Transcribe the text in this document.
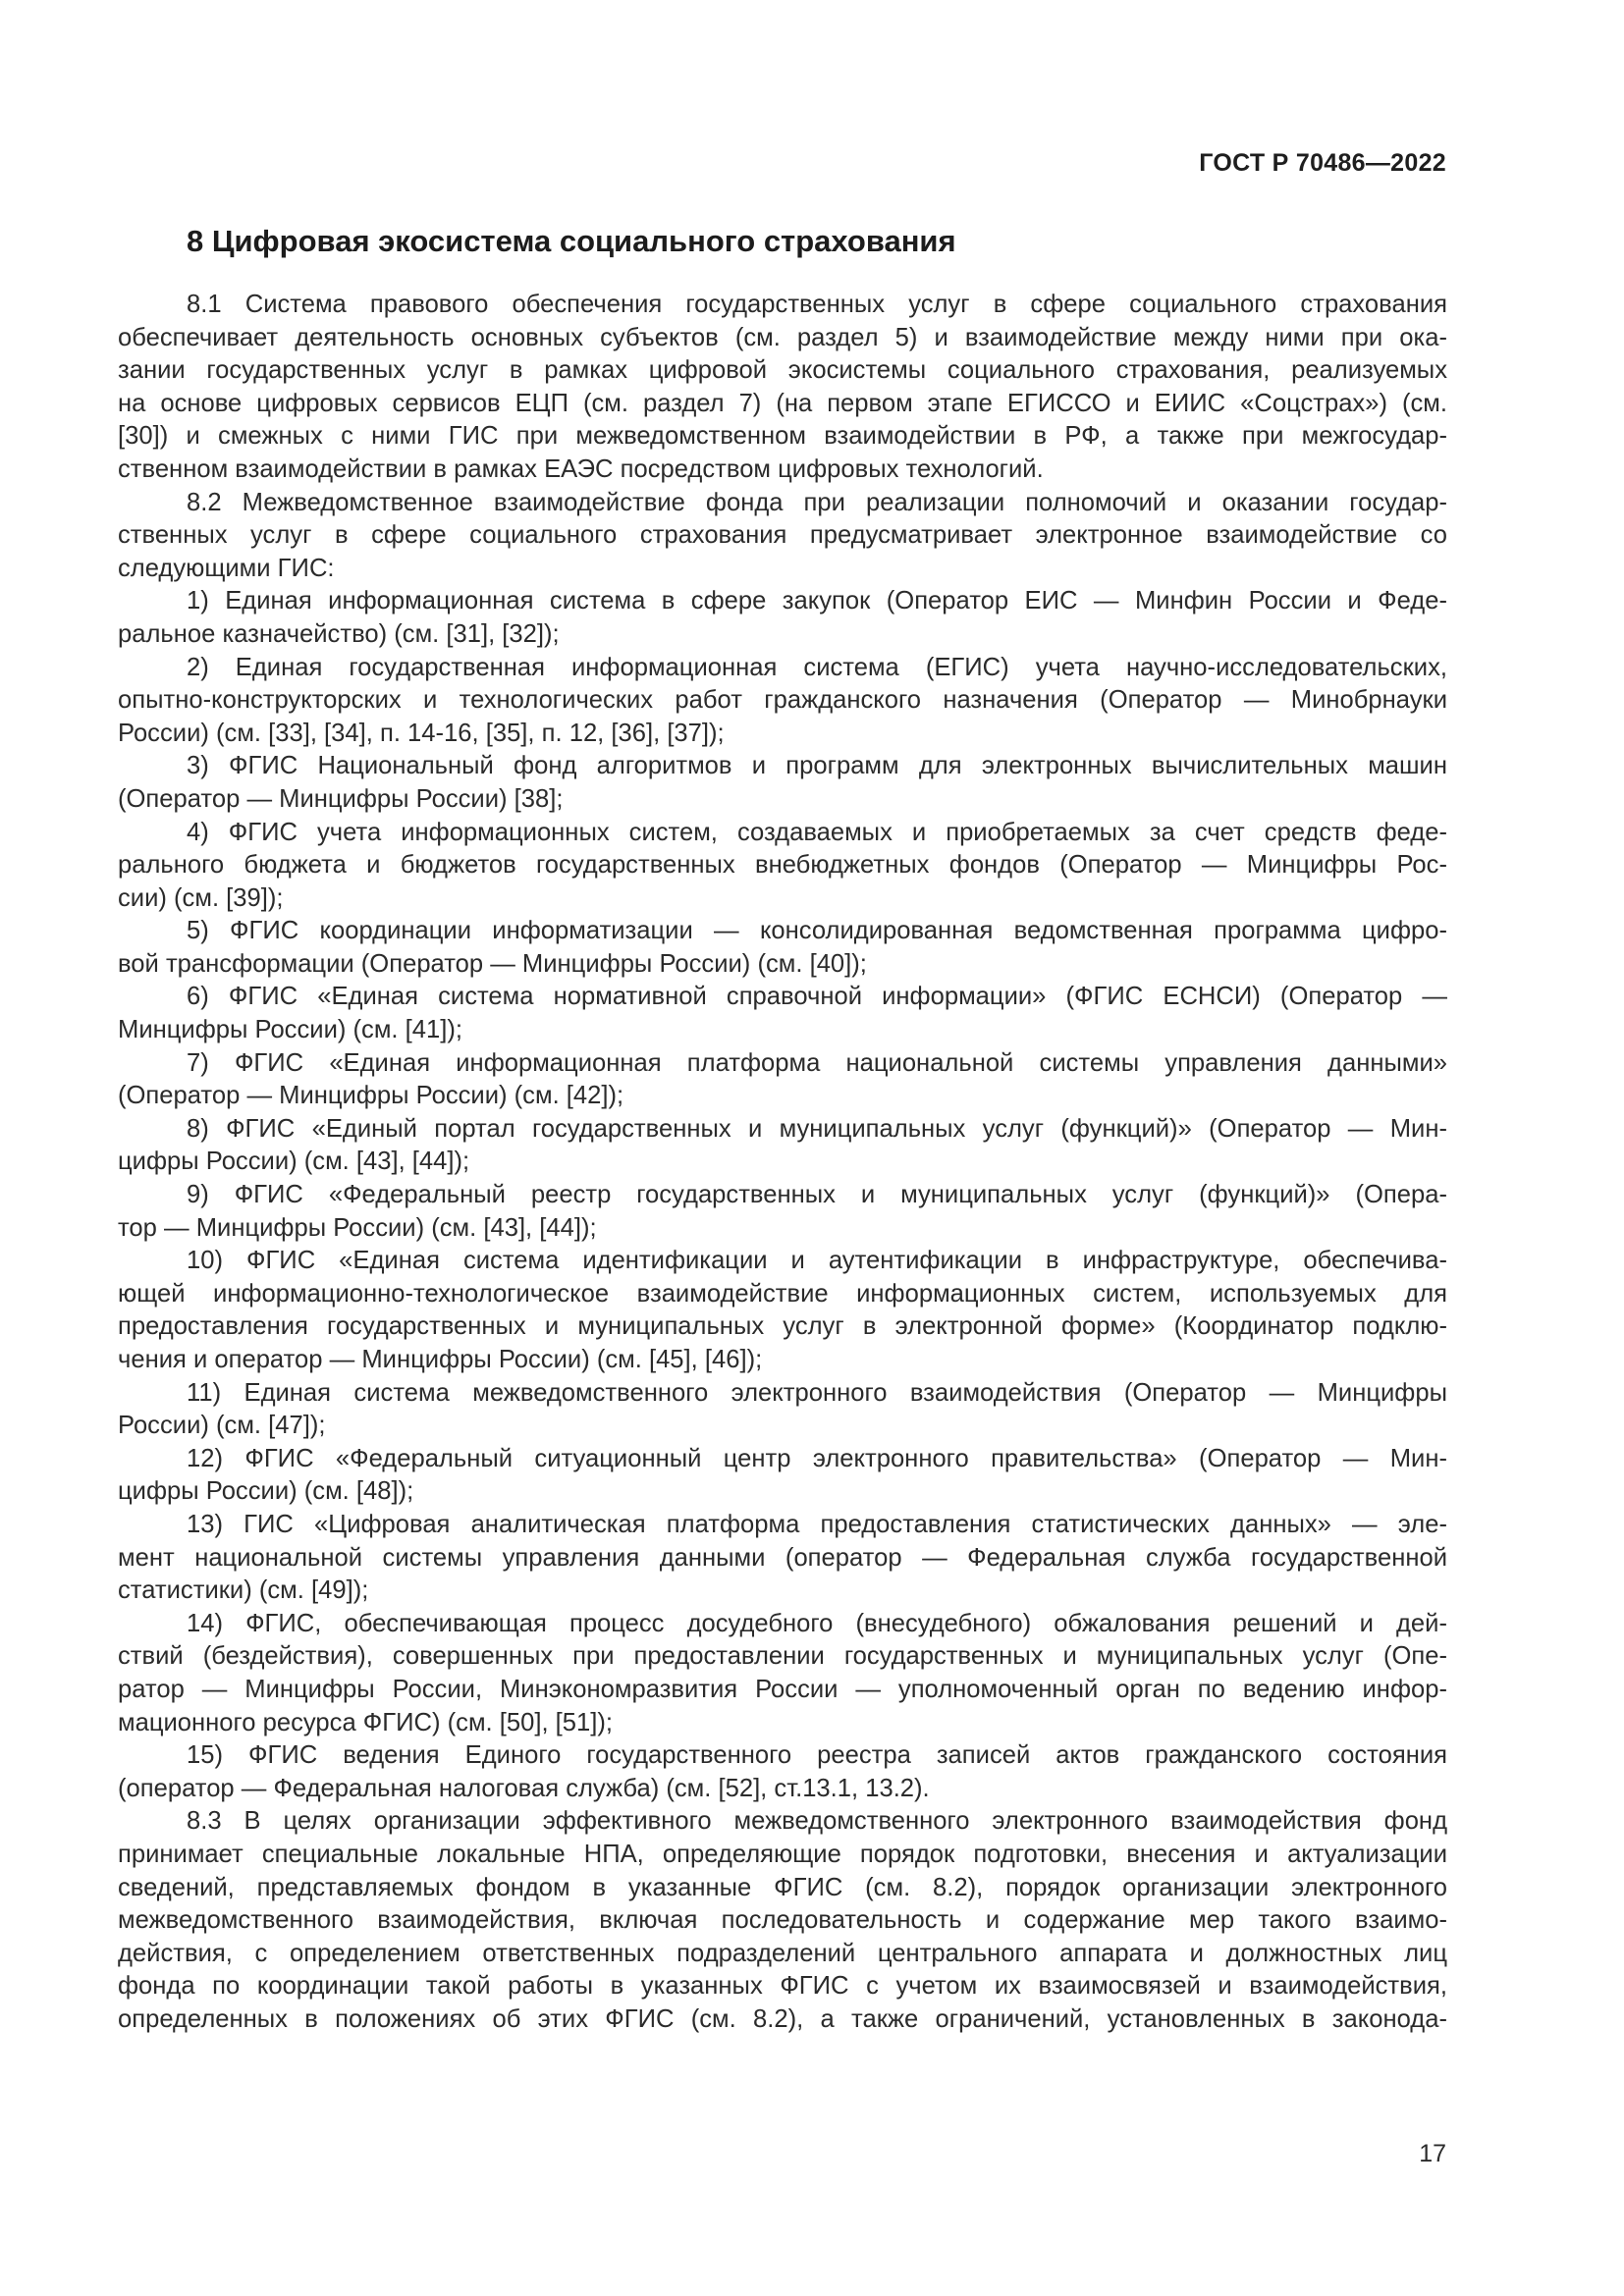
ГОСТ Р 70486—2022
8 Цифровая экосистема социального страхования
8.1 Система правового обеспечения государственных услуг в сфере социального страхования
обеспечивает деятельность основных субъектов (см. раздел 5) и взаимодействие между ними при ока-
зании государственных услуг в рамках цифровой экосистемы социального страхования, реализуемых
на основе цифровых сервисов ЕЦП (см. раздел 7) (на первом этапе ЕГИССО и ЕИИС «Соцстрах») (см.
[30]) и смежных с ними ГИС при межведомственном взаимодействии в РФ, а также при межгосудар-
ственном взаимодействии в рамках ЕАЭС посредством цифровых технологий.
8.2 Межведомственное взаимодействие фонда при реализации полномочий и оказании государ-
ственных услуг в сфере социального страхования предусматривает электронное взаимодействие со
следующими ГИС:
1) Единая информационная система в сфере закупок (Оператор ЕИС — Минфин России и Феде-
ральное казначейство) (см. [31], [32]);
2) Единая государственная информационная система (ЕГИС) учета научно-исследовательских,
опытно-конструкторских и технологических работ гражданского назначения (Оператор — Минобрнауки
России) (см. [33], [34], п. 14-16, [35], п. 12, [36], [37]);
3) ФГИС Национальный фонд алгоритмов и программ для электронных вычислительных машин
(Оператор — Минцифры России) [38];
4) ФГИС учета информационных систем, создаваемых и приобретаемых за счет средств феде-
рального бюджета и бюджетов государственных внебюджетных фондов (Оператор — Минцифры Рос-
сии) (см. [39]);
5) ФГИС координации информатизации — консолидированная ведомственная программа цифро-
вой трансформации (Оператор — Минцифры России) (см. [40]);
6) ФГИС «Единая система нормативной справочной информации» (ФГИС ЕСНСИ) (Оператор —
Минцифры России) (см. [41]);
7) ФГИС «Единая информационная платформа национальной системы управления данными»
(Оператор — Минцифры России) (см. [42]);
8) ФГИС «Единый портал государственных и муниципальных услуг (функций)» (Оператор — Мин-
цифры России) (см. [43], [44]);
9) ФГИС «Федеральный реестр государственных и муниципальных услуг (функций)» (Опера-
тор — Минцифры России) (см. [43], [44]);
10) ФГИС «Единая система идентификации и аутентификации в инфраструктуре, обеспечива-
ющей информационно-технологическое взаимодействие информационных систем, используемых для
предоставления государственных и муниципальных услуг в электронной форме» (Координатор подклю-
чения и оператор — Минцифры России) (см. [45], [46]);
11) Единая система межведомственного электронного взаимодействия (Оператор — Минцифры
России) (см. [47]);
12) ФГИС «Федеральный ситуационный центр электронного правительства» (Оператор — Мин-
цифры России) (см. [48]);
13) ГИС «Цифровая аналитическая платформа предоставления статистических данных» — эле-
мент национальной системы управления данными (оператор — Федеральная служба государственной
статистики) (см. [49]);
14) ФГИС, обеспечивающая процесс досудебного (внесудебного) обжалования решений и дей-
ствий (бездействия), совершенных при предоставлении государственных и муниципальных услуг (Опе-
ратор — Минцифры России, Минэкономразвития России — уполномоченный орган по ведению инфор-
мационного ресурса ФГИС) (см. [50], [51]);
15) ФГИС ведения Единого государственного реестра записей актов гражданского состояния
(оператор — Федеральная налоговая служба) (см. [52], ст.13.1, 13.2).
8.3 В целях организации эффективного межведомственного электронного взаимодействия фонд
принимает специальные локальные НПА, определяющие порядок подготовки, внесения и актуализации
сведений, представляемых фондом в указанные ФГИС (см. 8.2), порядок организации электронного
межведомственного взаимодействия, включая последовательность и содержание мер такого взаимо-
действия, с определением ответственных подразделений центрального аппарата и должностных лиц
фонда по координации такой работы в указанных ФГИС с учетом их взаимосвязей и взаимодействия,
определенных в положениях об этих ФГИС (см. 8.2), а также ограничений, установленных в законода-
17
